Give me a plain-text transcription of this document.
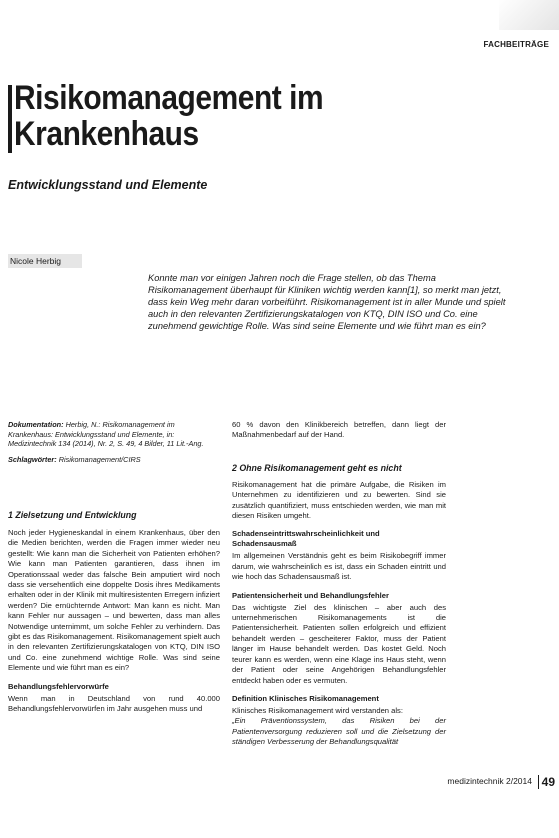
FACHBEITRÄGE
Risikomanagement im
Krankenhaus
Entwicklungsstand und Elemente
Nicole Herbig
Konnte man vor einigen Jahren noch die Frage stellen, ob das Thema Risikomanagement überhaupt für Kliniken wichtig werden kann[1], so merkt man jetzt, dass kein Weg mehr daran vorbeiführt. Risikomanagement ist in aller Munde und spielt auch in den relevanten Zertifizierungskatalogen von KTQ, DIN ISO und Co. eine zunehmend gewichtige Rolle. Was sind seine Elemente und wie führt man es ein?

Dokumentation: Herbig, N.: Risikomanagement im Krankenhaus: Entwicklungsstand und Elemente, in: Medizintechnik 134 (2014), Nr. 2, S. 49, 4 Bilder, 11 Lit.-Ang.

Schlagwörter: Risikomanagement/CIRS

1 Zielsetzung und Entwicklung

Noch jeder Hygieneskandal in einem Krankenhaus, über den die Medien berichten, werden die Fragen immer wieder neu gestellt: Wie kann man die Sicherheit von Patienten erhöhen? Wie kann man Patienten garantieren, dass ihnen im Operationssaal weder das falsche Bein amputiert wird noch dass sie versehentlich eine doppelte Dosis ihres Medikaments erhalten oder in der Klinik mit multiresistenten Erregern infiziert werden? Die ernüchternde Antwort: Man kann es nicht. Man kann Fehler nur aussagen – und bewerten, dass man alles Notwendige unternimmt, um solche Fehler zu verhindern. Das gibt es das Risikomanagement. Risikomanagement spielt auch in den relevanten Zertifizierungskatalogen von KTQ, DIN ISO und Co. eine zunehmend wichtige Rolle. Was sind seine Elemente und wie führt man es ein?

Behandlungsfehlervorwürfe

Wenn man in Deutschland von rund 40.000 Behandlungsfehlervorwürfen im Jahr ausgehen muss und

60 % davon den Klinikbereich betreffen, dann liegt der Maßnahmenbedarf auf der Hand.

2 Ohne Risikomanagement geht es nicht

Risikomanagement hat die primäre Aufgabe, die Risiken im Unternehmen zu identifizieren und zu bewerten. Sind sie zusätzlich quantifiziert, muss entschieden werden, wie man mit diesen Risiken umgeht.

Schadenseintrittswahrscheinlichkeit und Schadensausmaß

Im allgemeinen Verständnis geht es beim Risikobegriff immer darum, wie wahrscheinlich es ist, dass ein Schaden eintritt und wie hoch das Schadensausmaß ist.

Patientensicherheit und Behandlungsfehler

Das wichtigste Ziel des klinischen – aber auch des unternehmerischen Risikomanagements ist die Patientensicherheit. Patienten sollen erfolgreich und effizient behandelt werden – gescheiterer Faktor, muss der Patient länger im Hause behandelt werden. Das kostet Geld. Noch teurer kann es werden, wenn eine Klage ins Haus steht, wenn der Patient oder seine Angehörigen Behandlungsfehler entdeckt haben oder es vermuten.

Definition Klinisches Risikomanagement

Klinisches Risikomanagement wird verstanden als:

„Ein Präventionssystem, das Risiken bei der Patientenversorgung reduzieren soll und die Zielsetzung der ständigen Verbesserung der Behandlungsqualität

medizintechnik 2/2014 49
